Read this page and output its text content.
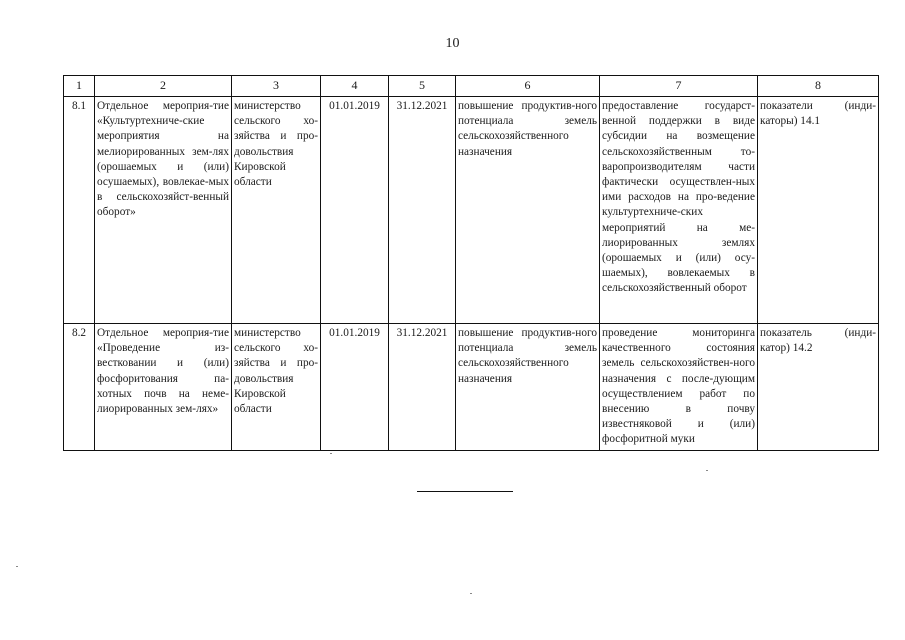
10
1	2	3	4	5	6	7	8
8.1	Отдельное мероприя-тие «Культуртехниче-ские мероприятия на мелиорированных зем-лях (орошаемых и (или) осушаемых), вовлекае-мых в сельскохозяйст-венный оборот»	министерство сельского хо-зяйства и про-довольствия Кировской области	01.01.2019	31.12.2021	повышение продуктив-ного потенциала земель сельскохозяйственного назначения	предоставление государст-венной поддержки в виде субсидии на возмещение сельскохозяйственным то-варопроизводителям части фактически осуществлен-ных ими расходов на про-ведение культуртехниче-ских мероприятий на ме-лиорированных землях (орошаемых и (или) осу-шаемых), вовлекаемых в сельскохозяйственный оборот	показатели (инди-каторы) 14.1
8.2	Отдельное мероприя-тие «Проведение из-вестковании и (или) фосфоритования па-хотных почв на неме-лиорированных зем-лях»	министерство сельского хо-зяйства и про-довольствия Кировской области	01.01.2019	31.12.2021	повышение продуктив-ного потенциала земель сельскохозяйственного назначения	проведение мониторинга качественного состояния земель сельскохозяйствен-ного назначения с после-дующим осуществлением работ по внесению в почву известняковой и (или) фосфоритной муки	показатель (инди-катор) 14.2
